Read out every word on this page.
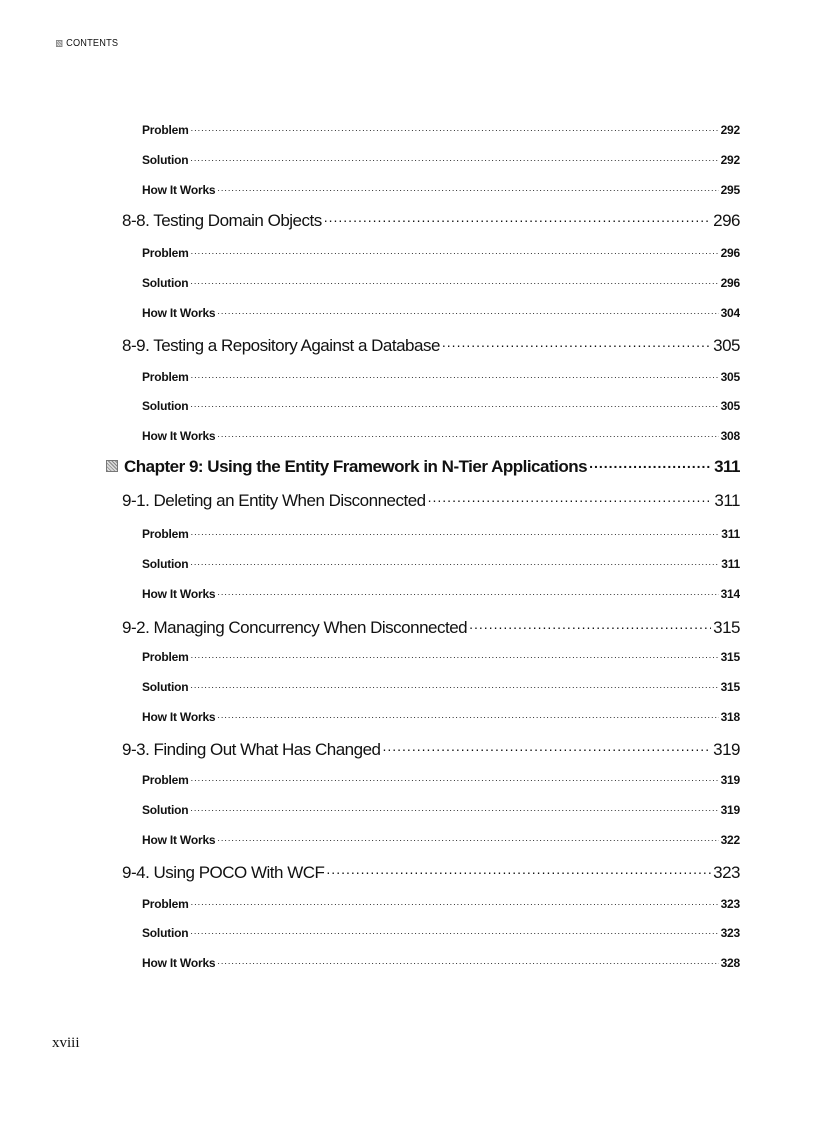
CONTENTS
Problem .....	292
Solution .....	292
How It Works .....	295
8-8. Testing Domain Objects .....	296
Problem .....	296
Solution .....	296
How It Works .....	304
8-9. Testing a Repository Against a Database .....	305
Problem .....	305
Solution .....	305
How It Works .....	308
Chapter 9: Using the Entity Framework in N-Tier Applications .....	311
9-1. Deleting an Entity When Disconnected .....	311
Problem .....	311
Solution .....	311
How It Works .....	314
9-2. Managing Concurrency When Disconnected .....	315
Problem .....	315
Solution .....	315
How It Works .....	318
9-3. Finding Out What Has Changed .....	319
Problem .....	319
Solution .....	319
How It Works .....	322
9-4. Using POCO With WCF .....	323
Problem .....	323
Solution .....	323
How It Works .....	328
xviii
